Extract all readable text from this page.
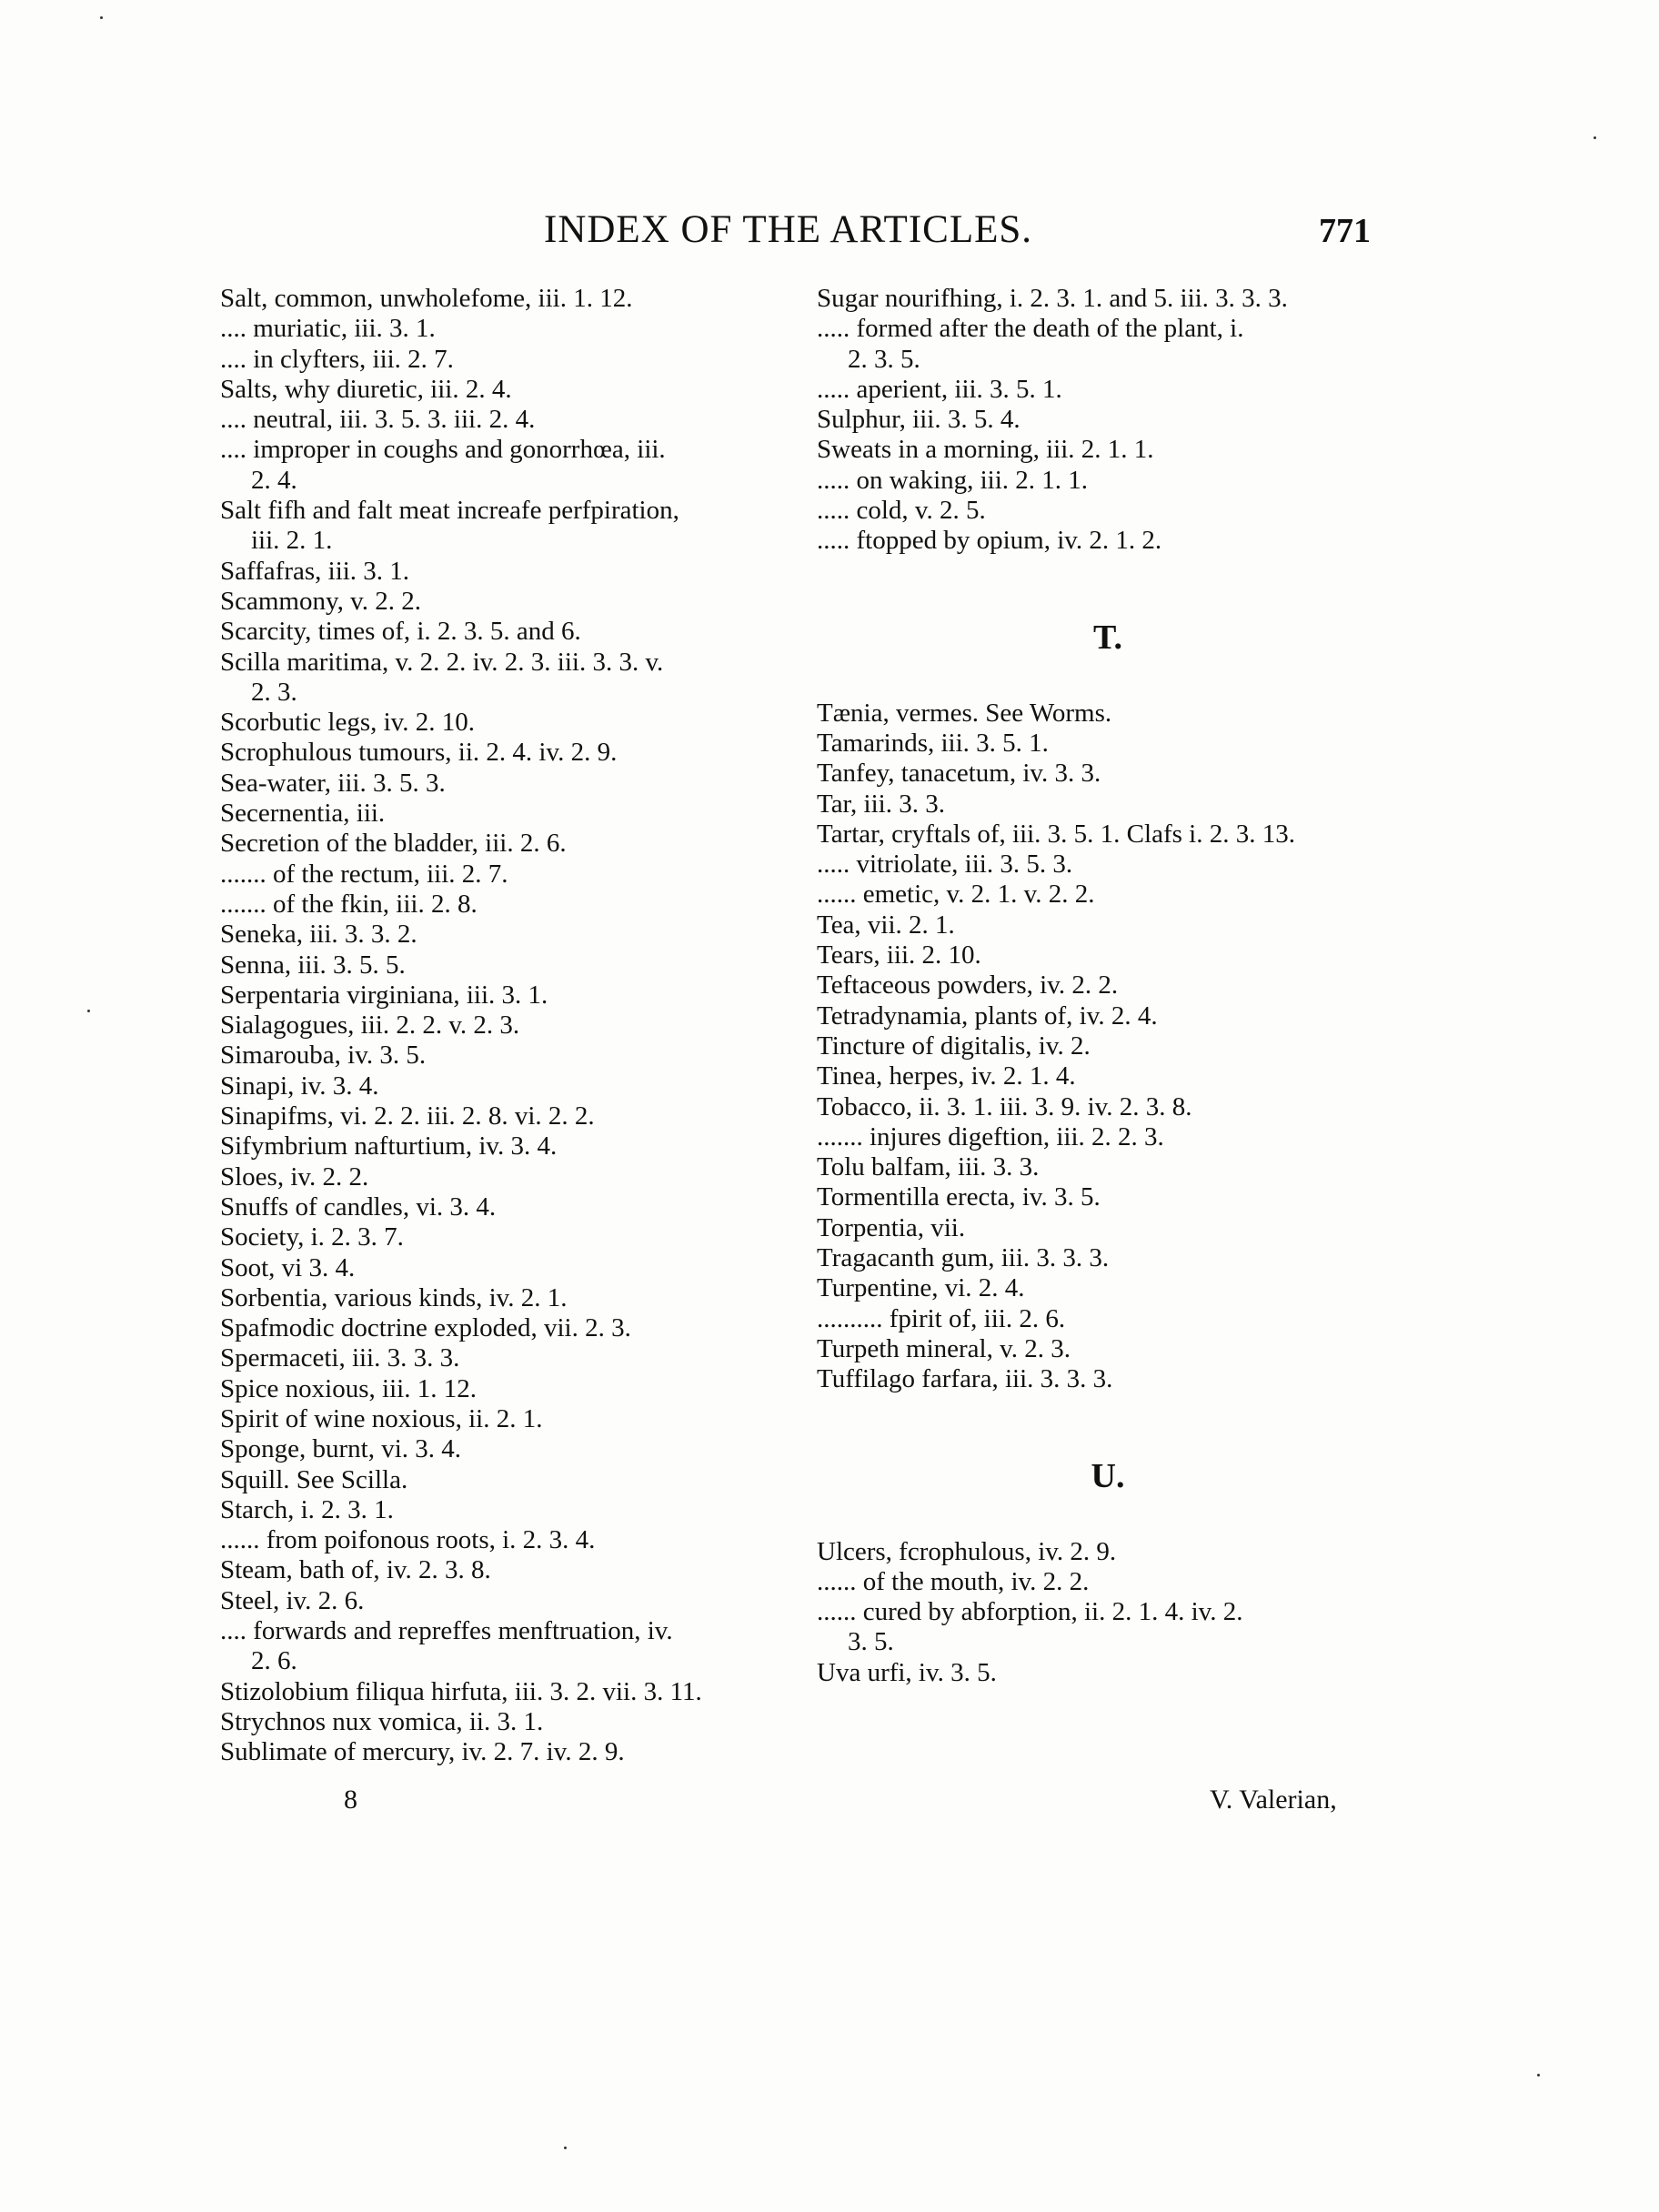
INDEX OF THE ARTICLES.	771
Salt, common, unwholefome, iii. 1. 12.
.... muriatic, iii. 3. 1.
.... in clyfters, iii. 2. 7.
Salts, why diuretic, iii. 2. 4.
.... neutral, iii. 3. 5. 3. iii. 2. 4.
.... improper in coughs and gonorrhœa, iii.
2. 4.
Salt fifh and falt meat increafe perfpiration,
iii. 2. 1.
Saffafras, iii. 3. 1.
Scammony, v. 2. 2.
Scarcity, times of, i. 2. 3. 5. and 6.
Scilla maritima, v. 2. 2. iv. 2. 3. iii. 3. 3. v.
2. 3.
Scorbutic legs, iv. 2. 10.
Scrophulous tumours, ii. 2. 4. iv. 2. 9.
Sea-water, iii. 3. 5. 3.
Secernentia, iii.
Secretion of the bladder, iii. 2. 6.
....... of the rectum, iii. 2. 7.
....... of the fkin, iii. 2. 8.
Seneka, iii. 3. 3. 2.
Senna, iii. 3. 5. 5.
Serpentaria virginiana, iii. 3. 1.
Sialagogues, iii. 2. 2. v. 2. 3.
Simarouba, iv. 3. 5.
Sinapi, iv. 3. 4.
Sinapifms, vi. 2. 2. iii. 2. 8. vi. 2. 2.
Sifymbrium nafturtium, iv. 3. 4.
Sloes, iv. 2. 2.
Snuffs of candles, vi. 3. 4.
Society, i. 2. 3. 7.
Soot, vi 3. 4.
Sorbentia, various kinds, iv. 2. 1.
Spafmodic doctrine exploded, vii. 2. 3.
Spermaceti, iii. 3. 3. 3.
Spice noxious, iii. 1. 12.
Spirit of wine noxious, ii. 2. 1.
Sponge, burnt, vi. 3. 4.
Squill. See Scilla.
Starch, i. 2. 3. 1.
...... from poifonous roots, i. 2. 3. 4.
Steam, bath of, iv. 2. 3. 8.
Steel, iv. 2. 6.
.... forwards and repreffes menftruation, iv.
2. 6.
Stizolobium filiqua hirfuta, iii. 3. 2. vii. 3. 11.
Strychnos nux vomica, ii. 3. 1.
Sublimate of mercury, iv. 2. 7. iv. 2. 9.
Sugar nourifhing, i. 2. 3. 1. and 5. iii. 3. 3. 3.
..... formed after the death of the plant, i.
2. 3. 5.
..... aperient, iii. 3. 5. 1.
Sulphur, iii. 3. 5. 4.
Sweats in a morning, iii. 2. 1. 1.
..... on waking, iii. 2. 1. 1.
..... cold, v. 2. 5.
..... ftopped by opium, iv. 2. 1. 2.
T.
Tænia, vermes. See Worms.
Tamarinds, iii. 3. 5. 1.
Tanfey, tanacetum, iv. 3. 3.
Tar, iii. 3. 3.
Tartar, cryftals of, iii. 3. 5. 1. Clafs i. 2. 3. 13.
..... vitriolate, iii. 3. 5. 3.
...... emetic, v. 2. 1. v. 2. 2.
Tea, vii. 2. 1.
Tears, iii. 2. 10.
Teftaceous powders, iv. 2. 2.
Tetradynamia, plants of, iv. 2. 4.
Tincture of digitalis, iv. 2.
Tinea, herpes, iv. 2. 1. 4.
Tobacco, ii. 3. 1. iii. 3. 9. iv. 2. 3. 8.
....... injures digeftion, iii. 2. 2. 3.
Tolu balfam, iii. 3. 3.
Tormentilla erecta, iv. 3. 5.
Torpentia, vii.
Tragacanth gum, iii. 3. 3. 3.
Turpentine, vi. 2. 4.
.......... fpirit of, iii. 2. 6.
Turpeth mineral, v. 2. 3.
Tuffilago farfara, iii. 3. 3. 3.
U.
Ulcers, fcrophulous, iv. 2. 9.
...... of the mouth, iv. 2. 2.
...... cured by abforption, ii. 2. 1. 4. iv. 2.
3. 5.
Uva urfi, iv. 3. 5.
8	V. Valerian,
